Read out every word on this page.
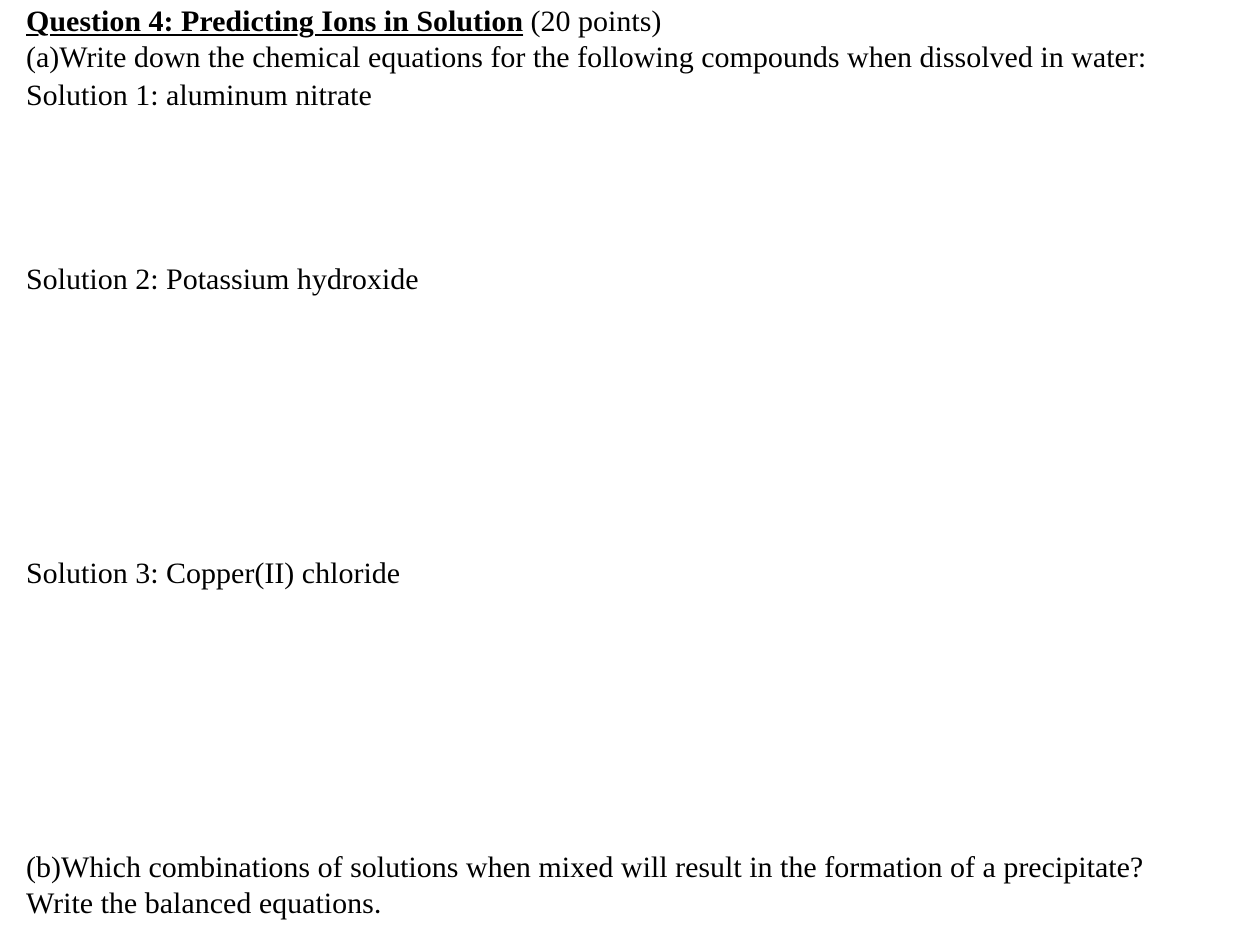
Question 4: Predicting Ions in Solution (20 points)
(a)Write down the chemical equations for the following compounds when dissolved in water:
Solution 1: aluminum nitrate
Solution 2: Potassium hydroxide
Solution 3: Copper(II) chloride
(b)Which combinations of solutions when mixed will result in the formation of a precipitate?
Write the balanced equations.
